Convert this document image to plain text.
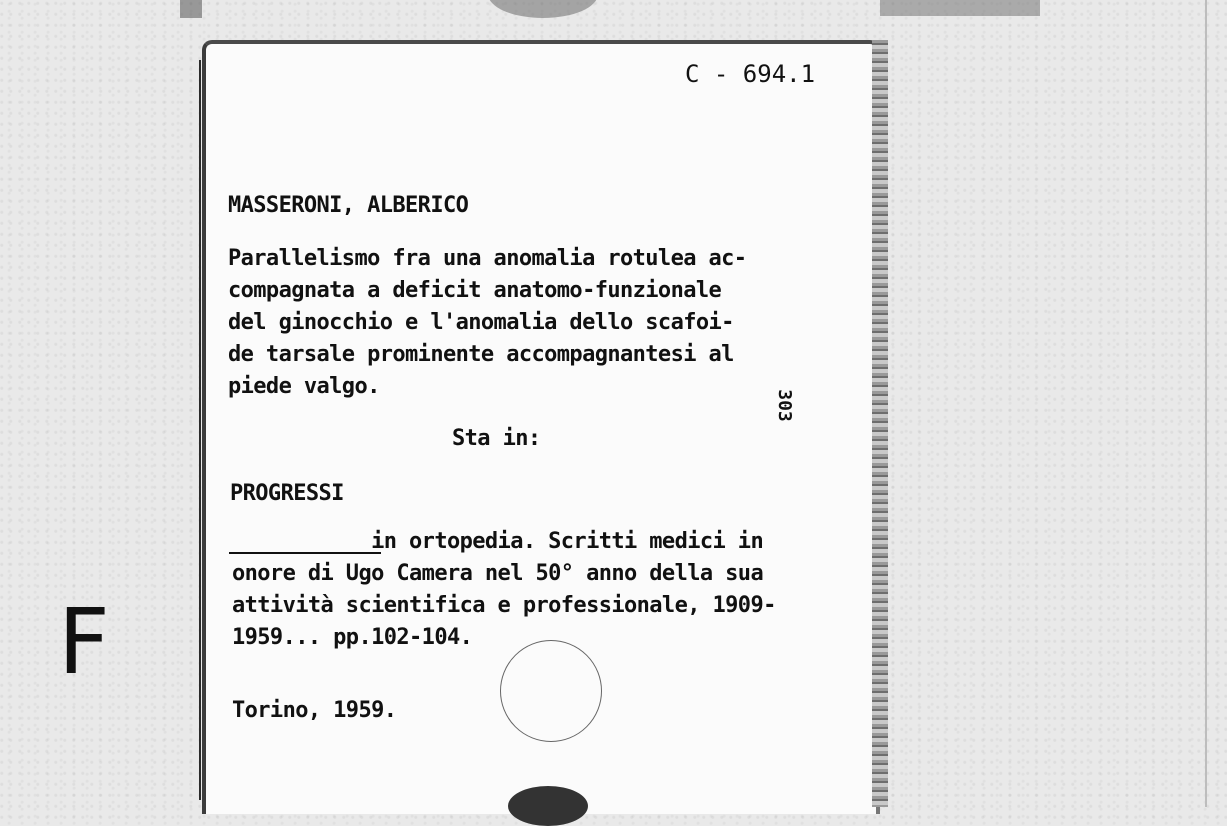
C - 694.1
MASSERONI, ALBERICO
Parallelismo fra una anomalia rotulea ac-
compagnata a deficit anatomo-funzionale
del ginocchio e l'anomalia dello scafoi-
de tarsale prominente accompagnantesi al
piede valgo.
303
Sta in:
PROGRESSI
in ortopedia. Scritti medici in
onore di Ugo Camera nel 50° anno della sua
attività scientifica e professionale, 1909-
1959... pp.102-104.
Torino, 1959.
F
